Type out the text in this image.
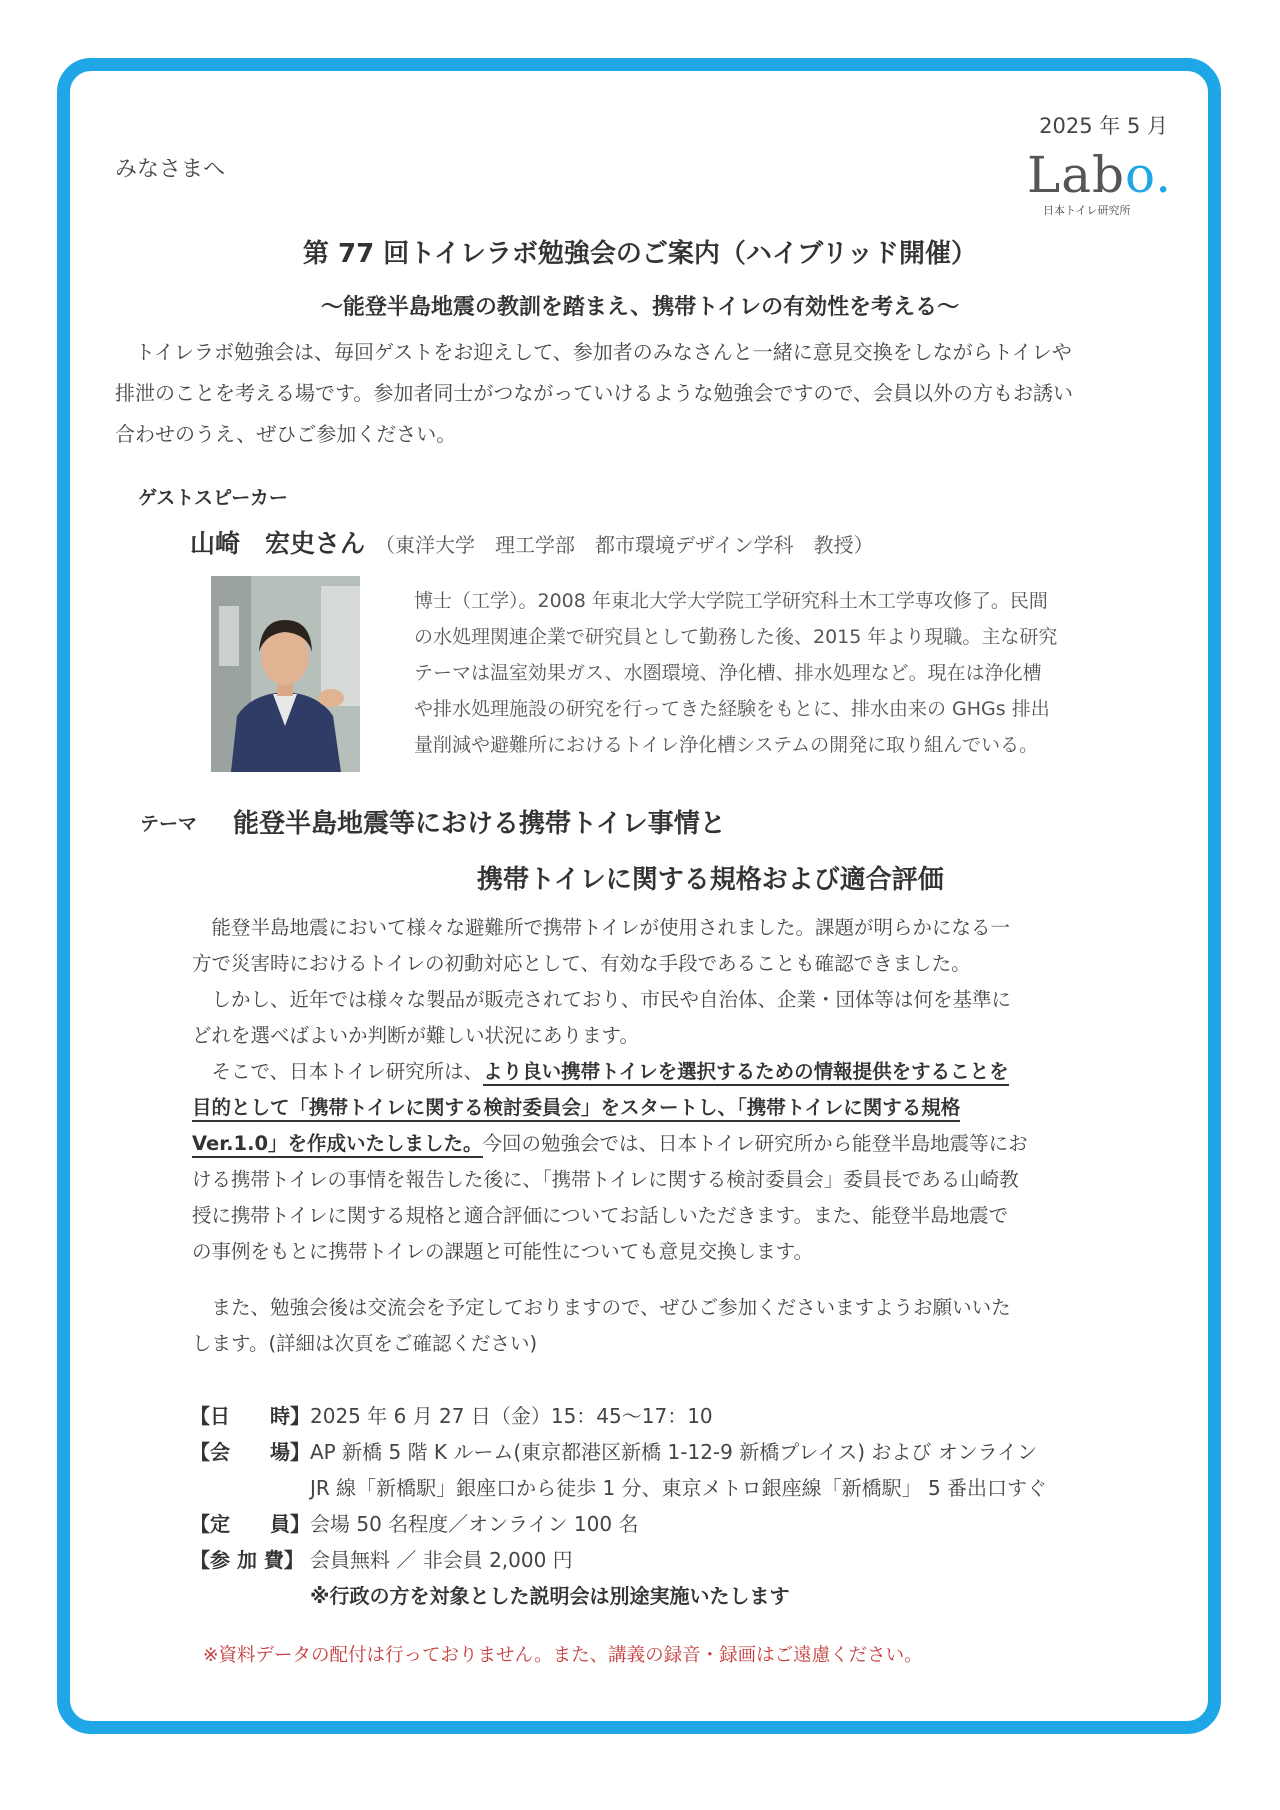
2025 年 5 月
みなさまへ	Labo.
日本トイレ研究所
第 77 回トイレラボ勉強会のご案内（ハイブリッド開催）
～能登半島地震の教訓を踏まえ、携帯トイレの有効性を考える～
　トイレラボ勉強会は、毎回ゲストをお迎えして、参加者のみなさんと一緒に意見交換をしながらトイレや
排泄のことを考える場です。参加者同士がつながっていけるような勉強会ですので、会員以外の方もお誘い
合わせのうえ、ぜひご参加ください。
ゲストスピーカー
山崎　宏史さん （東洋大学　理工学部　都市環境デザイン学科　教授）
博士（工学）。2008 年東北大学大学院工学研究科土木工学専攻修了。民間
の水処理関連企業で研究員として勤務した後、2015 年より現職。主な研究
テーマは温室効果ガス、水圏環境、浄化槽、排水処理など。現在は浄化槽
や排水処理施設の研究を行ってきた経験をもとに、排水由来の GHGs 排出
量削減や避難所におけるトイレ浄化槽システムの開発に取り組んでいる。
テーマ 能登半島地震等における携帯トイレ事情と
携帯トイレに関する規格および適合評価
　能登半島地震において様々な避難所で携帯トイレが使用されました。課題が明らかになる一
方で災害時におけるトイレの初動対応として、有効な手段であることも確認できました。
　しかし、近年では様々な製品が販売されており、市民や自治体、企業・団体等は何を基準に
どれを選べばよいか判断が難しい状況にあります。
　そこで、日本トイレ研究所は、より良い携帯トイレを選択するための情報提供をすることを
目的として「携帯トイレに関する検討委員会」をスタートし、「携帯トイレに関する規格
Ver.1.0」を作成いたしました。今回の勉強会では、日本トイレ研究所から能登半島地震等にお
ける携帯トイレの事情を報告した後に、「携帯トイレに関する検討委員会」委員長である山崎教
授に携帯トイレに関する規格と適合評価についてお話しいただきます。また、能登半島地震で
の事例をもとに携帯トイレの課題と可能性についても意見交換します。
　また、勉強会後は交流会を予定しておりますので、ぜひご参加くださいますようお願いいた
します。(詳細は次頁をご確認ください)
【日　　時】 2025 年 6 月 27 日（金）15：45～17：10
【会　　場】 AP 新橋 5 階 K ルーム(東京都港区新橋 1-12-9 新橋プレイス) および オンライン
JR 線「新橋駅」銀座口から徒歩 1 分、東京メトロ銀座線「新橋駅」 5 番出口すぐ
【定　　員】 会場 50 名程度／オンライン 100 名
【参 加 費】 会員無料 ／ 非会員 2,000 円
※行政の方を対象とした説明会は別途実施いたします
※資料データの配付は行っておりません。また、講義の録音・録画はご遠慮ください。
